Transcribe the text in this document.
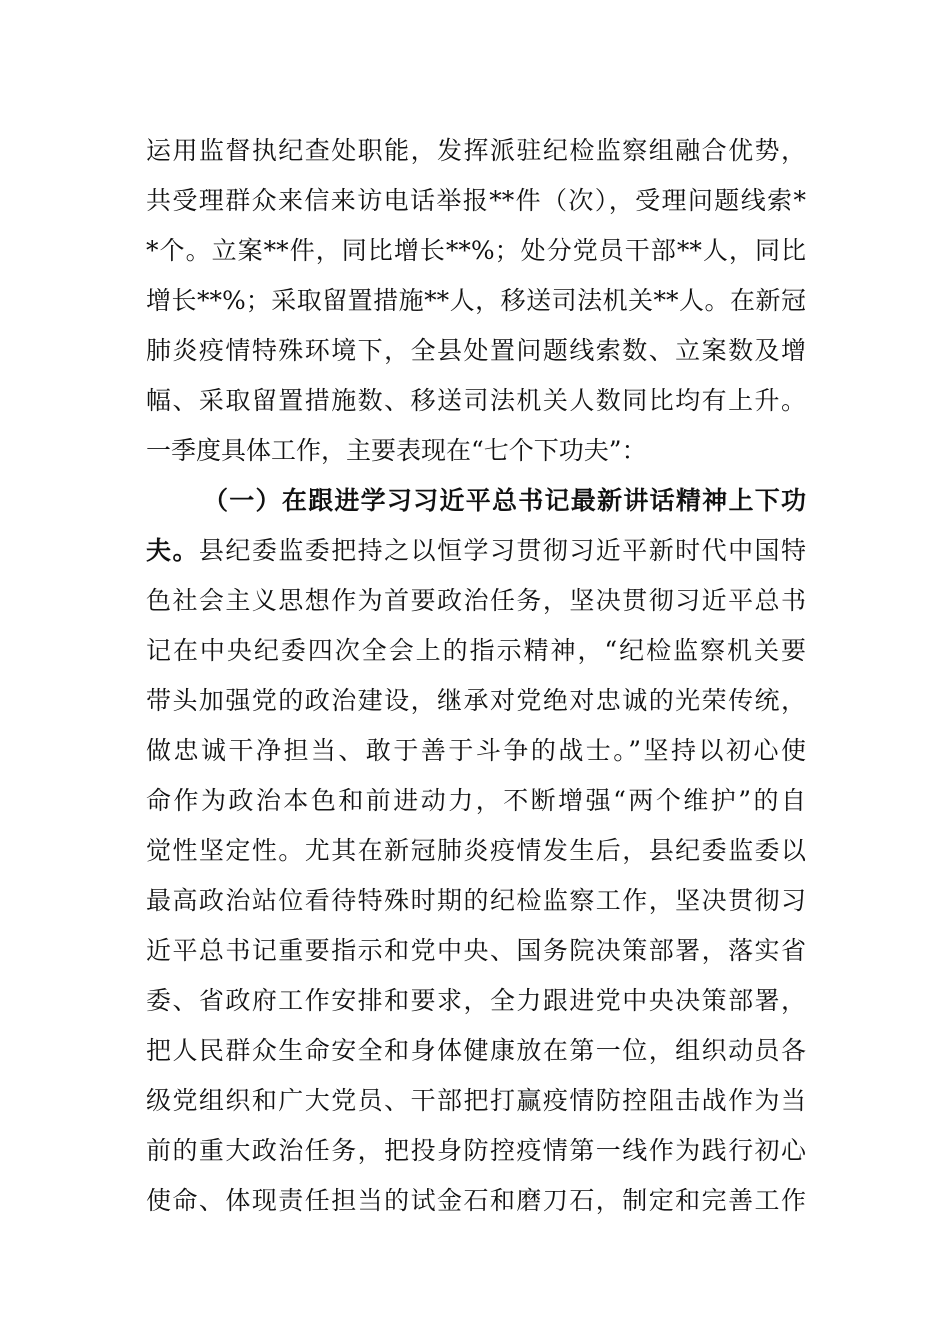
运用监督执纪查处职能，发挥派驻纪检监察组融合优势，
共受理群众来信来访电话举报**件（次），受理问题线索*
*个。立案**件，同比增长**%；处分党员干部**人，同比
增长**%；采取留置措施**人，移送司法机关**人。在新冠
肺炎疫情特殊环境下，全县处置问题线索数、立案数及增
幅、采取留置措施数、移送司法机关人数同比均有上升。
一季度具体工作，主要表现在“七个下功夫”：
（一）在跟进学习习近平总书记最新讲话精神上下功
夫。县纪委监委把持之以恒学习贯彻习近平新时代中国特
色社会主义思想作为首要政治任务，坚决贯彻习近平总书
记在中央纪委四次全会上的指示精神，“纪检监察机关要
带头加强党的政治建设，继承对党绝对忠诚的光荣传统，
做忠诚干净担当、敢于善于斗争的战士。”坚持以初心使
命作为政治本色和前进动力，不断增强“两个维护”的自
觉性坚定性。尤其在新冠肺炎疫情发生后，县纪委监委以
最高政治站位看待特殊时期的纪检监察工作，坚决贯彻习
近平总书记重要指示和党中央、国务院决策部署，落实省
委、省政府工作安排和要求，全力跟进党中央决策部署，
把人民群众生命安全和身体健康放在第一位，组织动员各
级党组织和广大党员、干部把打赢疫情防控阻击战作为当
前的重大政治任务，把投身防控疫情第一线作为践行初心
使命、体现责任担当的试金石和磨刀石，制定和完善工作
